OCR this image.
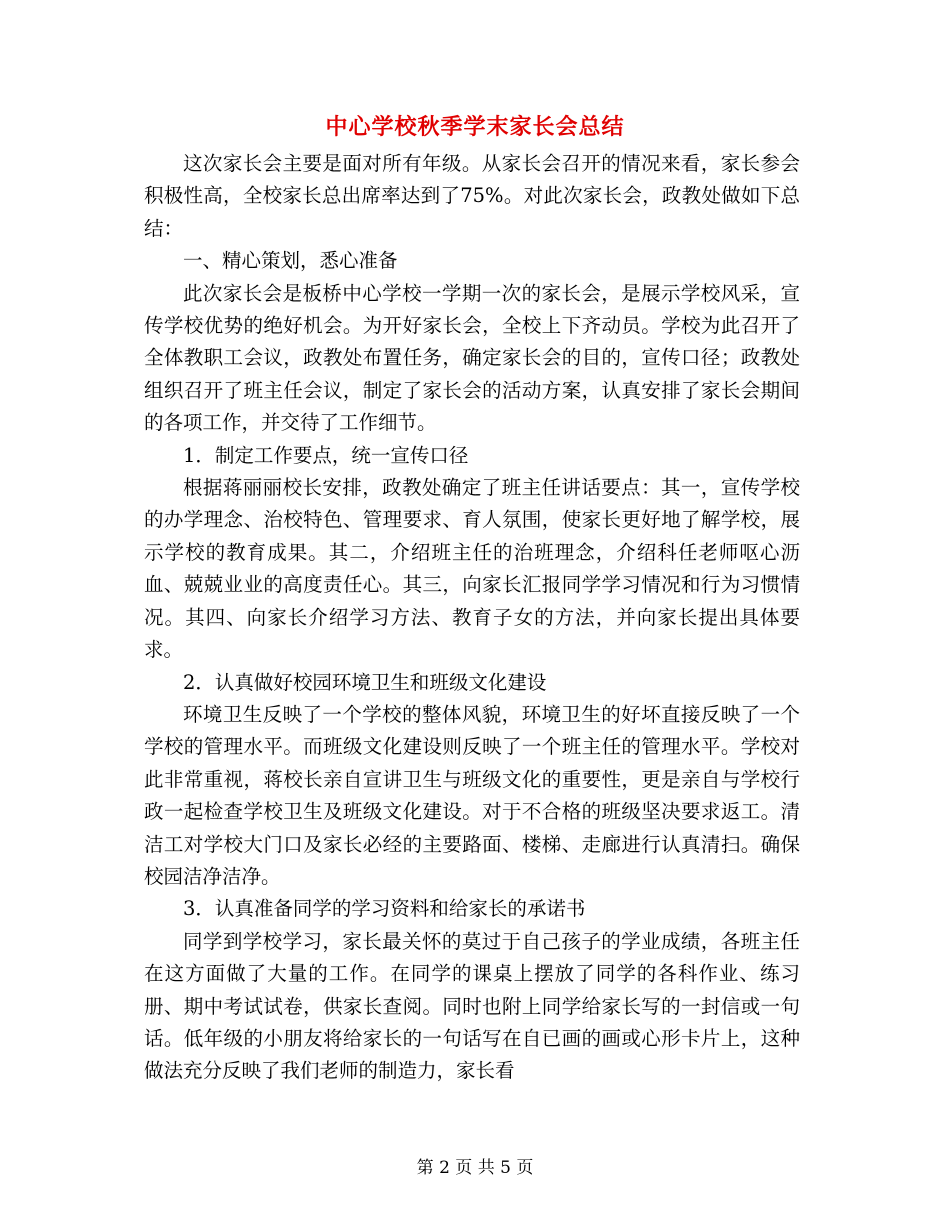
中心学校秋季学末家长会总结

这次家长会主要是面对所有年级。从家长会召开的情况来看，家长参会积极性高，全校家长总出席率达到了75%。对此次家长会，政教处做如下总结：

一、精心策划，悉心准备

此次家长会是板桥中心学校一学期一次的家长会，是展示学校风采，宣传学校优势的绝好机会。为开好家长会，全校上下齐动员。学校为此召开了全体教职工会议，政教处布置任务，确定家长会的目的，宣传口径；政教处组织召开了班主任会议，制定了家长会的活动方案，认真安排了家长会期间的各项工作，并交待了工作细节。

1．制定工作要点，统一宣传口径

根据蒋丽丽校长安排，政教处确定了班主任讲话要点：其一，宣传学校的办学理念、治校特色、管理要求、育人氛围，使家长更好地了解学校，展示学校的教育成果。其二，介绍班主任的治班理念，介绍科任老师呕心沥血、兢兢业业的高度责任心。其三，向家长汇报同学学习情况和行为习惯情况。其四、向家长介绍学习方法、教育子女的方法，并向家长提出具体要求。

2．认真做好校园环境卫生和班级文化建设

环境卫生反映了一个学校的整体风貌，环境卫生的好坏直接反映了一个学校的管理水平。而班级文化建设则反映了一个班主任的管理水平。学校对此非常重视，蒋校长亲自宣讲卫生与班级文化的重要性，更是亲自与学校行政一起检查学校卫生及班级文化建设。对于不合格的班级坚决要求返工。清洁工对学校大门口及家长必经的主要路面、楼梯、走廊进行认真清扫。确保校园洁净洁净。

3．认真准备同学的学习资料和给家长的承诺书

同学到学校学习，家长最关怀的莫过于自己孩子的学业成绩，各班主任在这方面做了大量的工作。在同学的课桌上摆放了同学的各科作业、练习册、期中考试试卷，供家长查阅。同时也附上同学给家长写的一封信或一句话。低年级的小朋友将给家长的一句话写在自已画的画或心形卡片上，这种做法充分反映了我们老师的制造力，家长看

第 2 页 共 5 页
